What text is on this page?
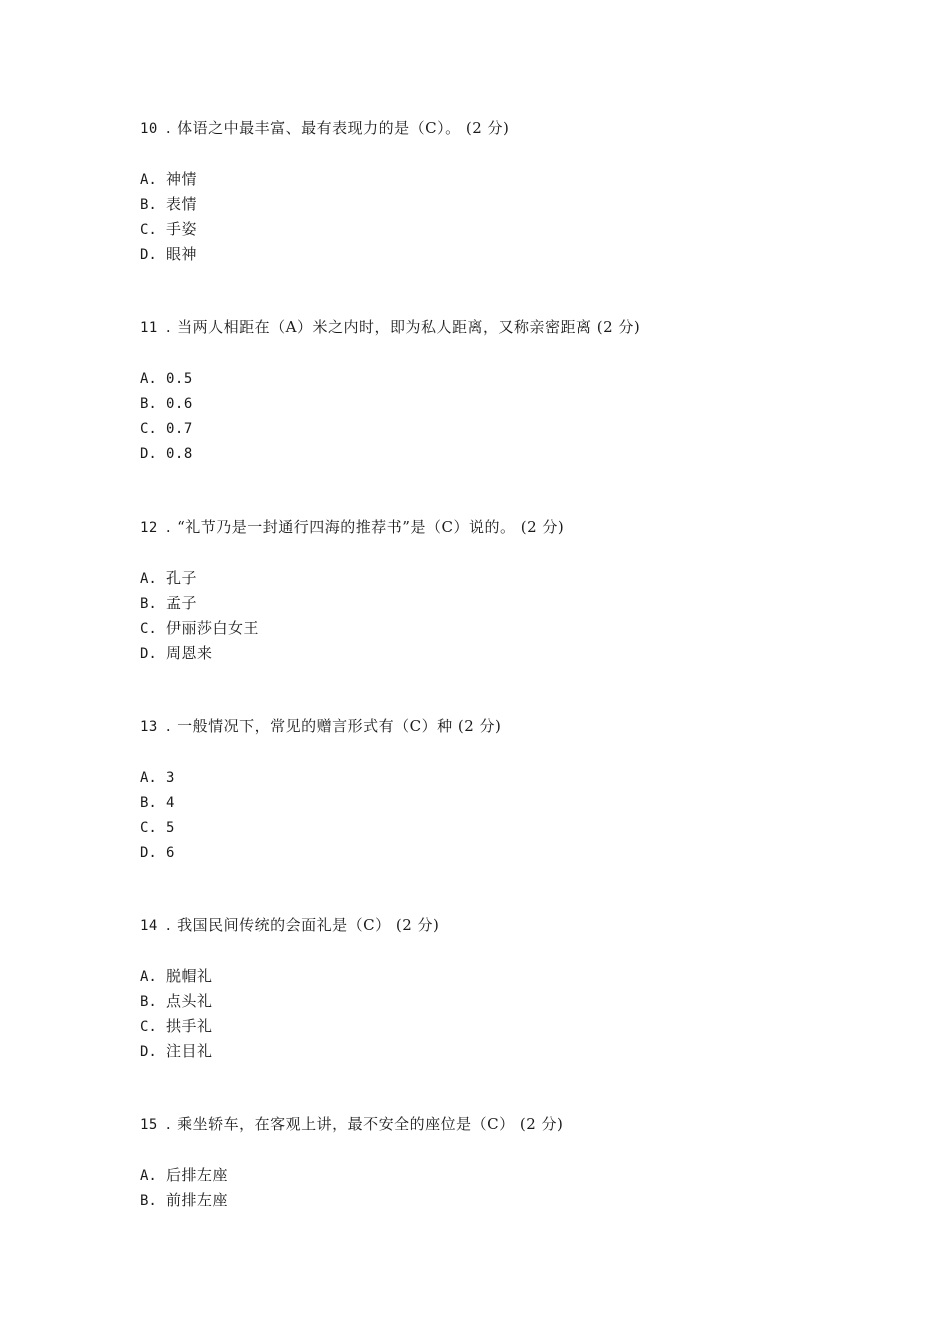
10 . 体语之中最丰富、最有表现力的是（C）。 (2 分)
A. 神情
B. 表情
C. 手姿
D. 眼神
11 . 当两人相距在（A）米之内时，即为私人距离，又称亲密距离 (2 分)
A. 0.5
B. 0.6
C. 0.7
D. 0.8
12 . “礼节乃是一封通行四海的推荐书”是（C）说的。 (2 分)
A. 孔子
B. 孟子
C. 伊丽莎白女王
D. 周恩来
13 . 一般情况下，常见的赠言形式有（C）种 (2 分)
A. 3
B. 4
C. 5
D. 6
14 . 我国民间传统的会面礼是（C） (2 分)
A. 脱帽礼
B. 点头礼
C. 拱手礼
D. 注目礼
15 . 乘坐轿车，在客观上讲，最不安全的座位是（C） (2 分)
A. 后排左座
B. 前排左座
